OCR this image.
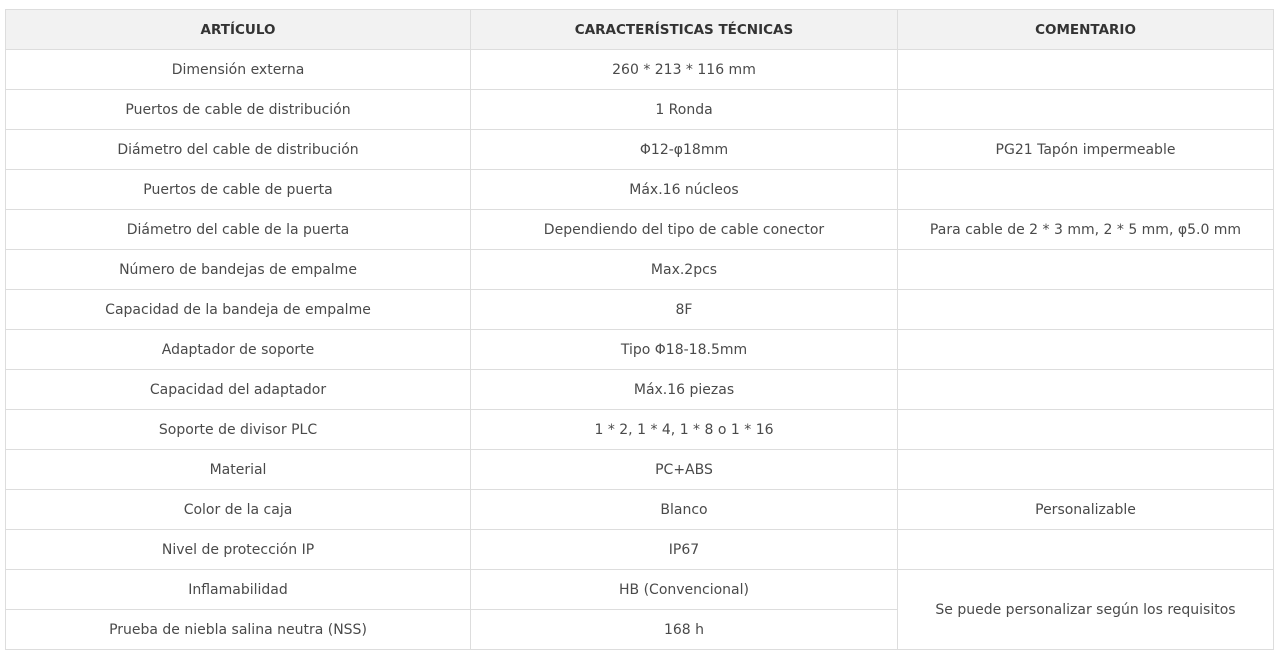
ARTÍCULO	CARACTERÍSTICAS TÉCNICAS	COMENTARIO
Dimensión externa	260 * 213 * 116 mm	
Puertos de cable de distribución	1 Ronda	
Diámetro del cable de distribución	Φ12-φ18mm	PG21 Tapón impermeable
Puertos de cable de puerta	Máx.16 núcleos	
Diámetro del cable de la puerta	Dependiendo del tipo de cable conector	Para cable de 2 * 3 mm, 2 * 5 mm, φ5.0 mm
Número de bandejas de empalme	Max.2pcs	
Capacidad de la bandeja de empalme	8F	
Adaptador de soporte	Tipo Φ18-18.5mm	
Capacidad del adaptador	Máx.16 piezas	
Soporte de divisor PLC	1 * 2, 1 * 4, 1 * 8 o 1 * 16	
Material	PC+ABS	
Color de la caja	Blanco	Personalizable
Nivel de protección IP	IP67	
Inflamabilidad	HB (Convencional)	Se puede personalizar según los requisitos
Prueba de niebla salina neutra (NSS)	168 h	
